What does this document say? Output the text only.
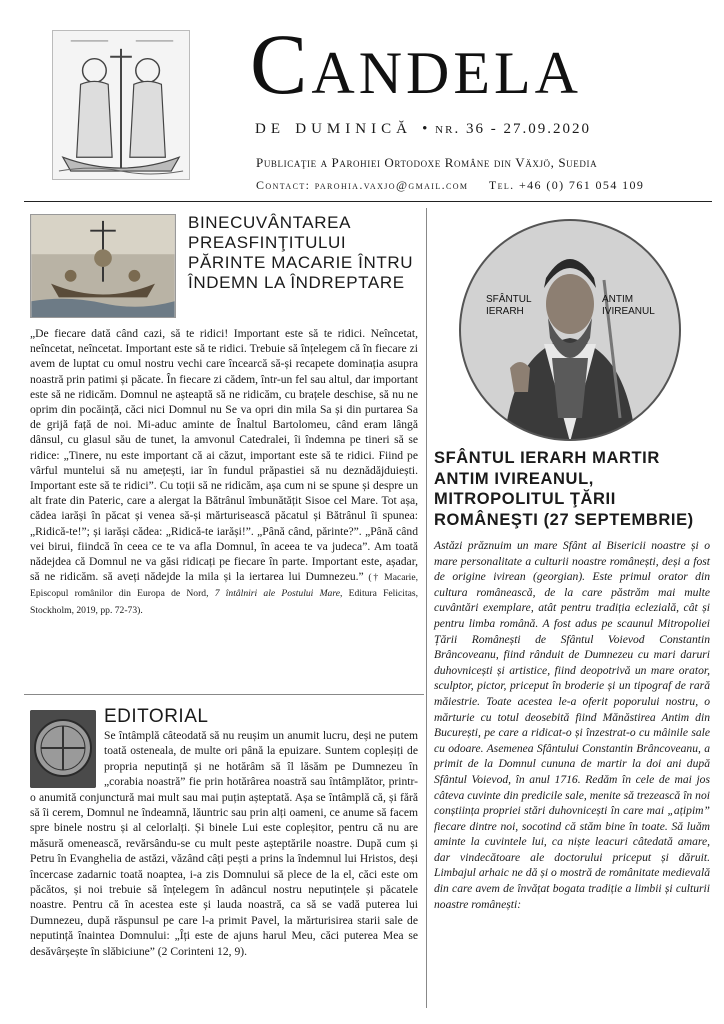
Candela
de duminică • nr. 36 - 27.09.2020
Publicaţie a Parohiei Ortodoxe Române din Växjö, Suedia
Contact: parohia.vaxjo@gmail.com Tel. +46 (0) 761 054 109
BINECUVÂNTAREA PREASFINŢITULUI PĂRINTE MACARIE ÎNTRU ÎNDEMN LA ÎNDREPTARE
„De fiecare dată când cazi, să te ridici! Important este să te ridici. Neîncetat, neîncetat, neîncetat. Important este să te ridici. Trebuie să înțelegem că în fiecare zi avem de luptat cu omul nostru vechi care încearcă să-și recapete dominația asupra noastră prin patimi și păcate. În fiecare zi cădem, într-un fel sau altul, dar important este să ne ridicăm. Domnul ne așteaptă să ne ridicăm, cu brațele deschise, să nu ne oprim din pocăință, căci nici Domnul nu Se va opri din mila Sa și din purtarea Sa de grijă față de noi. Mi-aduc aminte de Înaltul Bartolomeu, când eram lângă dânsul, cu glasul său de tunet, la amvonul Catedralei, îi îndemna pe tineri să se ridice: „Tinere, nu este important că ai căzut, important este să te ridici. Fiind pe vârful muntelui să nu amețești, iar în fundul prăpastiei să nu deznădăjduiești. Important este să te ridici”. Cu toții să ne ridicăm, așa cum ni se spune și despre un alt frate din Pateric, care a alergat la Bătrânul îmbunătățit Sisoe cel Mare. Tot așa, cădea iarăși în păcat și venea să-și mărturisească păcatul și Bătrânul îi spunea: „Ridică-te!”; și iarăși cădea: „Ridică-te iarăși!”. „Până când, părinte?”. „Până când vei birui, fiindcă în ceea ce te va afla Domnul, în aceea te va judeca”. Am toată nădejdea că Domnul ne va găsi ridicați pe fiecare în parte. Important este, așadar, să ne ridicăm. să aveți nădejde la mila și la iertarea lui Dumnezeu.” († Macarie, Episcopul românilor din Europa de Nord, 7 întâlniri ale Postului Mare, Editura Felicitas, Stockholm, 2019, pp. 72-73).
EDITORIAL
Se întâmplă câteodată să nu reușim un anumit lucru, deși ne putem toată osteneala, de multe ori până la epuizare. Suntem copleșiți de propria neputință și ne hotărâm să îl lăsăm pe Dumnezeu în „corabia noastră” fie prin hotărârea noastră sau întâmplător, printr-o anumită conjunctură mai mult sau mai puțin așteptată. Așa se întâmplă că, și fără să îi cerem, Domnul ne îndeamnă, lăuntric sau prin alți oameni, ce anume să facem spre binele nostru și al celorlalți. Și binele Lui este copleșitor, pentru că nu are măsură omenească, revărsându-se cu mult peste așteptările noastre. După cum și Petru în Evanghelia de astăzi, văzând câți pești a prins la îndemnul lui Hristos, deși încercase zadarnic toată noaptea, i-a zis Domnului să plece de la el, căci este om păcătos, și noi trebuie să înțelegem în adâncul nostru neputințele și păcatele noastre. Pentru că în acestea este și lauda noastră, ca să se vadă puterea lui Dumnezeu, după răspunsul pe care l-a primit Pavel, la mărturisirea starii sale de neputință înaintea Domnului: „Îți este de ajuns harul Meu, căci puterea Mea se desăvârșește în slăbiciune” (2 Corinteni 12, 9).
SFÂNTUL
IERARH
ANTIM
IVIREANUL
SFÂNTUL IERARH MARTIR ANTIM IVIREANUL, MITROPOLITUL ŢĂRII ROMÂNEŞTI (27 SEPTEMBRIE)
Astăzi prăznuim un mare Sfânt al Bisericii noastre și o mare personalitate a culturii noastre românești, deși a fost de origine ivirean (georgian). Este primul orator din cultura românească, de la care păstrăm mai multe cuvântări exemplare, atât pentru tradiția eclezială, cât și pentru limba română. A fost adus pe scaunul Mitropoliei Țării Românești de Sfântul Voievod Constantin Brâncoveanu, fiind rânduit de Dumnezeu cu mari daruri duhovnicești și artistice, fiind deopotrivă un mare orator, sculptor, pictor, priceput în broderie și un tipograf de rară măiestrie. Toate acestea le-a oferit poporului nostru, o mărturie cu totul deosebită fiind Mănăstirea Antim din București, pe care a ridicat-o și înzestrat-o cu mâinile sale cu odoare. Asemenea Sfântului Constantin Brâncoveanu, a primit de la Domnul cununa de martir la doi ani după Sfântul Voievod, în anul 1716. Redăm în cele de mai jos câteva cuvinte din predicile sale, menite să trezească în noi conștiința propriei stări duhovnicești în care mai „ațipim” fiecare dintre noi, socotind că stăm bine în toate. Să luăm aminte la cuvintele lui, ca niște leacuri câtedată amare, dar vindecătoare ale doctorului priceput și dăruit. Limbajul arhaic ne dă și o mostră de românitate medievală din care avem de învățat bogata tradiție a limbii și culturii noastre românești:
